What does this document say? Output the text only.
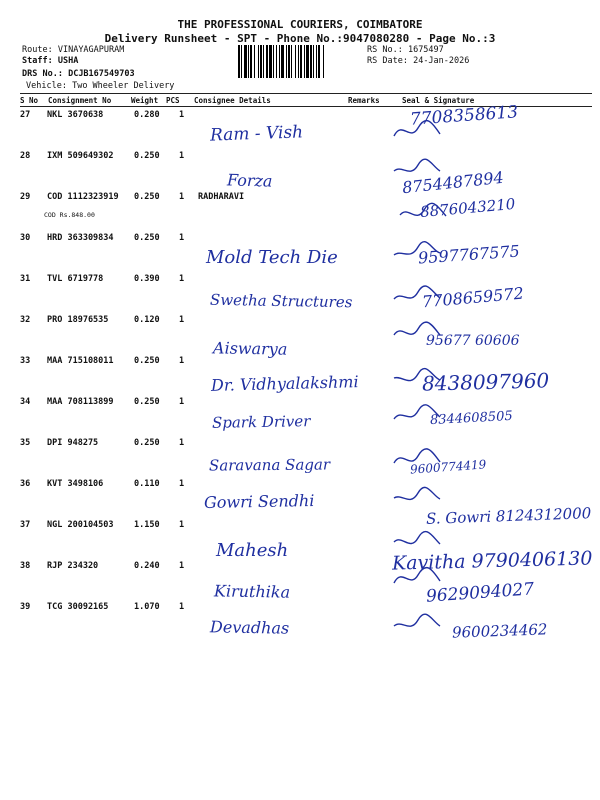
THE PROFESSIONAL COURIERS, COIMBATORE
Delivery Runsheet - SPT - Phone No.:9047080280 - Page No.:3
Route: VINAYAGAPURAM
Staff: USHA
DRS No.: DCJB167549703
Vehicle: Two Wheeler Delivery
RS No.: 1675497
RS Date: 24-Jan-2026
S No Consignment No	Weight PCS Consignee Details	Remarks	Seal & Signature
27 NKL 3670638	0.280 1
Ram - Vish
7708358613
28 IXM 509649302 0.250 1
Forza	8754487894
29 COD 1112323919 0.250 1 RADHARAVI
COD Rs.848.00	8876043210
30 HRD 363309834 0.250 1
Mold Tech Die	9597767575
31 TVL 6719778	0.390 1
Swetha Structures	7708659572
32 PRO 18976535	0.120 1
Aiswarya	95677 60606
33 MAA 715108011 0.250 1
Dr. Vidhyalakshmi	8438097960
34 MAA 708113899 0.250 1
Spark Driver	8344608505
35 DPI 948275	0.250 1
Saravana Sagar	9600774419
36 KVT 3498106	0.110 1
Gowri Sendhi
S. Gowri 8124312000
37 NGL 200104503 1.150 1
Mahesh	Kavitha 9790406130
38 RJP 234320	0.240 1
Kiruthika	9629094027
39 TCG 30092165	1.070 1
Devadhas	9600234462
